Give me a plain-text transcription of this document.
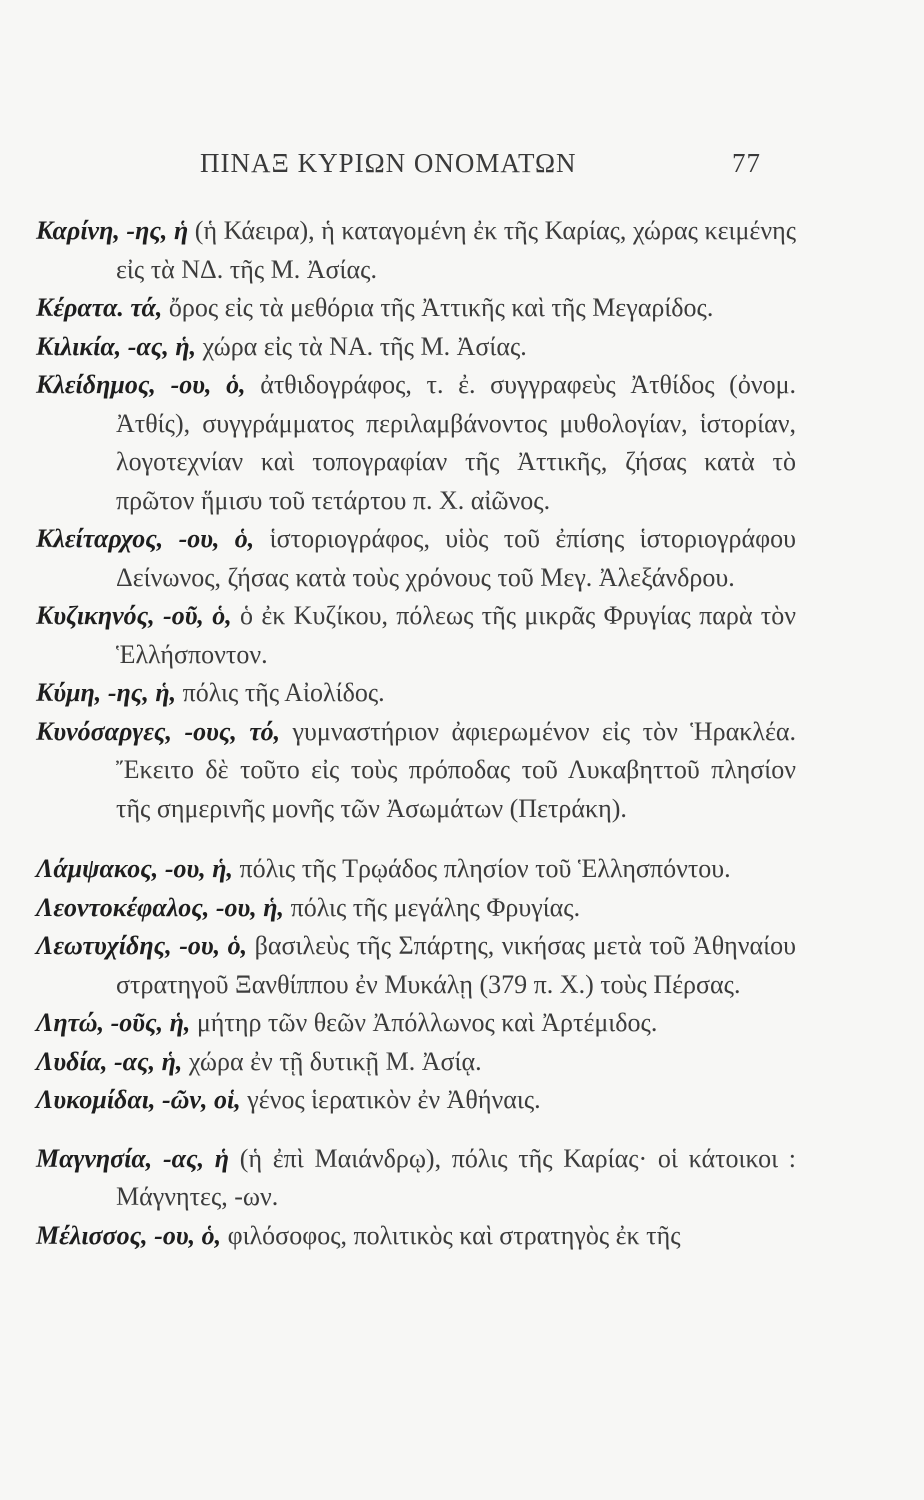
ΠΙΝΑΞ ΚΥΡΙΩΝ ΟΝΟΜΑΤΩΝ	77
Καρίνη, -ης, ἡ (ἡ Κάειρα), ἡ καταγομένη ἐκ τῆς Καρίας, χώρας κειμένης εἰς τὰ ΝΔ. τῆς Μ. Ἀσίας.
Κέρατα. τά, ὄρος εἰς τὰ μεθόρια τῆς Ἀττικῆς καὶ τῆς Μεγαρίδος.
Κιλικία, -ας, ἡ, χώρα εἰς τὰ ΝΑ. τῆς Μ. Ἀσίας.
Κλείδημος, -ου, ὁ, ἀτθιδογράφος, τ. ἐ. συγγραφεὺς Ἀτθίδος (ὀνομ. Ἀτθίς), συγγράμματος περιλαμβάνοντος μυθολογίαν, ἱστορίαν, λογοτεχνίαν καὶ τοπογραφίαν τῆς Ἀττικῆς, ζήσας κατὰ τὸ πρῶτον ἥμισυ τοῦ τετάρτου π. Χ. αἰῶνος.
Κλείταρχος, -ου, ὁ, ἱστοριογράφος, υἱὸς τοῦ ἐπίσης ἱστοριογράφου Δείνωνος, ζήσας κατὰ τοὺς χρόνους τοῦ Μεγ. Ἀλεξάνδρου.
Κυζικηνός, -οῦ, ὁ, ὁ ἐκ Κυζίκου, πόλεως τῆς μικρᾶς Φρυγίας παρὰ τὸν Ἑλλήσποντον.
Κύμη, -ης, ἡ, πόλις τῆς Αἰολίδος.
Κυνόσαργες, -ους, τό, γυμναστήριον ἀφιερωμένον εἰς τὸν Ἡρακλέα. Ἔκειτο δὲ τοῦτο εἰς τοὺς πρόποδας τοῦ Λυκαβηττοῦ πλησίον τῆς σημερινῆς μονῆς τῶν Ἀσωμάτων (Πετράκη).
Λάμψακος, -ου, ἡ, πόλις τῆς Τρῳάδος πλησίον τοῦ Ἑλλησπόντου.
Λεοντοκέφαλος, -ου, ἡ, πόλις τῆς μεγάλης Φρυγίας.
Λεωτυχίδης, -ου, ὁ, βασιλεὺς τῆς Σπάρτης, νικήσας μετὰ τοῦ Ἀθηναίου στρατηγοῦ Ξανθίππου ἐν Μυκάλῃ (379 π. Χ.) τοὺς Πέρσας.
Λητώ, -οῦς, ἡ, μήτηρ τῶν θεῶν Ἀπόλλωνος καὶ Ἀρτέμιδος.
Λυδία, -ας, ἡ, χώρα ἐν τῇ δυτικῇ Μ. Ἀσίᾳ.
Λυκομίδαι, -ῶν, οἱ, γένος ἱερατικὸν ἐν Ἀθήναις.
Μαγνησία, -ας, ἡ (ἡ ἐπὶ Μαιάνδρῳ), πόλις τῆς Καρίας· οἱ κάτοικοι : Μάγνητες, -ων.
Μέλισσος, -ου, ὁ, φιλόσοφος, πολιτικὸς καὶ στρατηγὸς ἐκ τῆς
